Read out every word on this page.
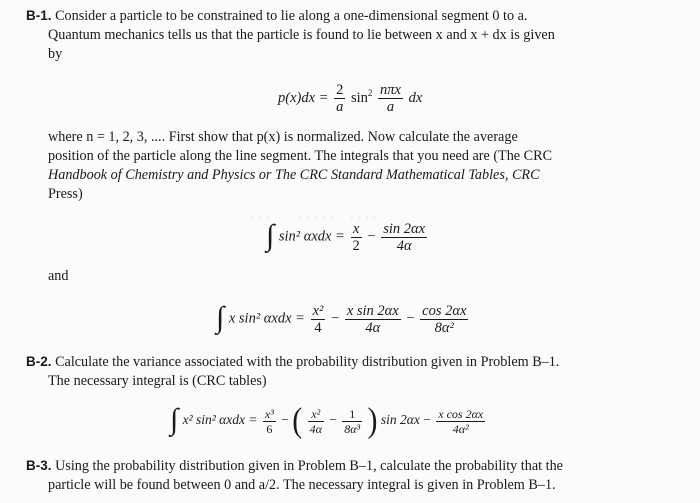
· · ·         · · · · ·     · · · ·
B-1. Consider a particle to be constrained to lie along a one-dimensional segment 0 to a.
Quantum mechanics tells us that the particle is found to lie between x and x + dx is given
by
$p(x)dx = \frac{2}{a} \sin^2 \frac{\text{nπx}}{a}$ dx
where n = 1, 2, 3, .... First show that p(x) is normalized. Now calculate the average
position of the particle along the line segment. The integrals that you need are (The CRC
Handbook of Chemistry and Physics or The CRC Standard Mathematical Tables, CRC
Press)
∫ sin² $\alpha xdx = \frac{x}{2} - \frac{\sin 2\alpha x}{4\alpha}$
and
∫ x sin² $\alpha xdx = \frac{\text{x²}}{4} - \frac{\text{x sin 2αx}}{4\alpha} - \frac{\cos 2\alpha x}{\text{8α²}}$
B-2. Calculate the variance associated with the probability distribution given in Problem B–1.
The necessary integral is (CRC tables)
∫ x² sin² $\alpha xdx = \frac{\text{x³}}{6}$ − ( $\frac{\text{x²}}{4\alpha} - \frac{1}{\text{8α³}}$ ) $\sin 2\alpha x - \frac{\text{x cos 2αx}}{\text{4α²}}$
B-3. Using the probability distribution given in Problem B–1, calculate the probability that the
particle will be found between 0 and a/2. The necessary integral is given in Problem B–1.
